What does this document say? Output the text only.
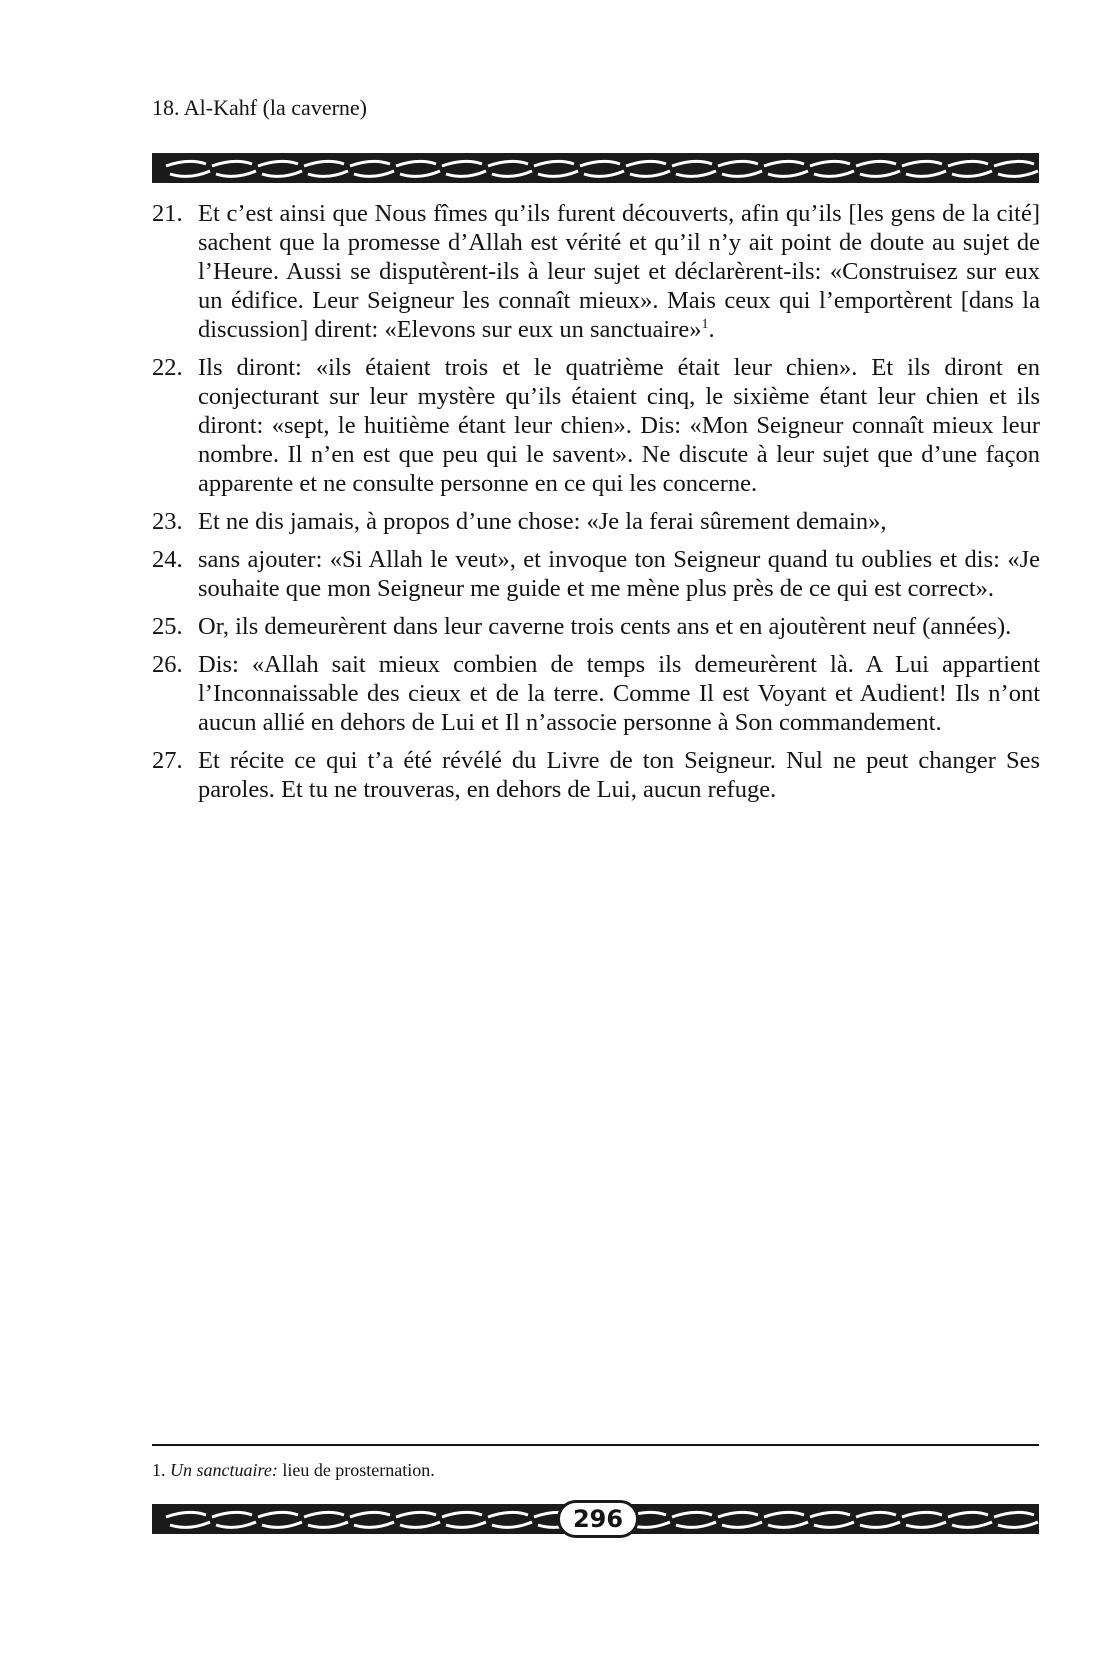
18. Al-Kahf (la caverne)
21. Et c’est ainsi que Nous fîmes qu’ils furent découverts, afin qu’ils [les gens de la cité] sachent que la promesse d’Allah est vérité et qu’il n’y ait point de doute au sujet de l’Heure. Aussi se disputèrent-ils à leur sujet et déclarèrent-ils: «Construisez sur eux un édifice. Leur Seigneur les connaît mieux». Mais ceux qui l’emportèrent [dans la discussion] dirent: «Elevons sur eux un sanctuaire»$^1$.
22. Ils diront: «ils étaient trois et le quatrième était leur chien». Et ils diront en conjecturant sur leur mystère qu’ils étaient cinq, le sixième étant leur chien et ils diront: «sept, le huitième étant leur chien». Dis: «Mon Seigneur connaît mieux leur nombre. Il n’en est que peu qui le savent». Ne discute à leur sujet que d’une façon apparente et ne consulte personne en ce qui les concerne.
23. Et ne dis jamais, à propos d’une chose: «Je la ferai sûrement demain»,
24. sans ajouter: «Si Allah le veut», et invoque ton Seigneur quand tu oublies et dis: «Je souhaite que mon Seigneur me guide et me mène plus près de ce qui est correct».
25. Or, ils demeurèrent dans leur caverne trois cents ans et en ajoutèrent neuf (années).
26. Dis: «Allah sait mieux combien de temps ils demeurèrent là. A Lui appartient l’Inconnaissable des cieux et de la terre. Comme Il est Voyant et Audient! Ils n’ont aucun allié en dehors de Lui et Il n’associe personne à Son commandement.
27. Et récite ce qui t’a été révélé du Livre de ton Seigneur. Nul ne peut changer Ses paroles. Et tu ne trouveras, en dehors de Lui, aucun refuge.
1. Un sanctuaire: lieu de prosternation.
296
